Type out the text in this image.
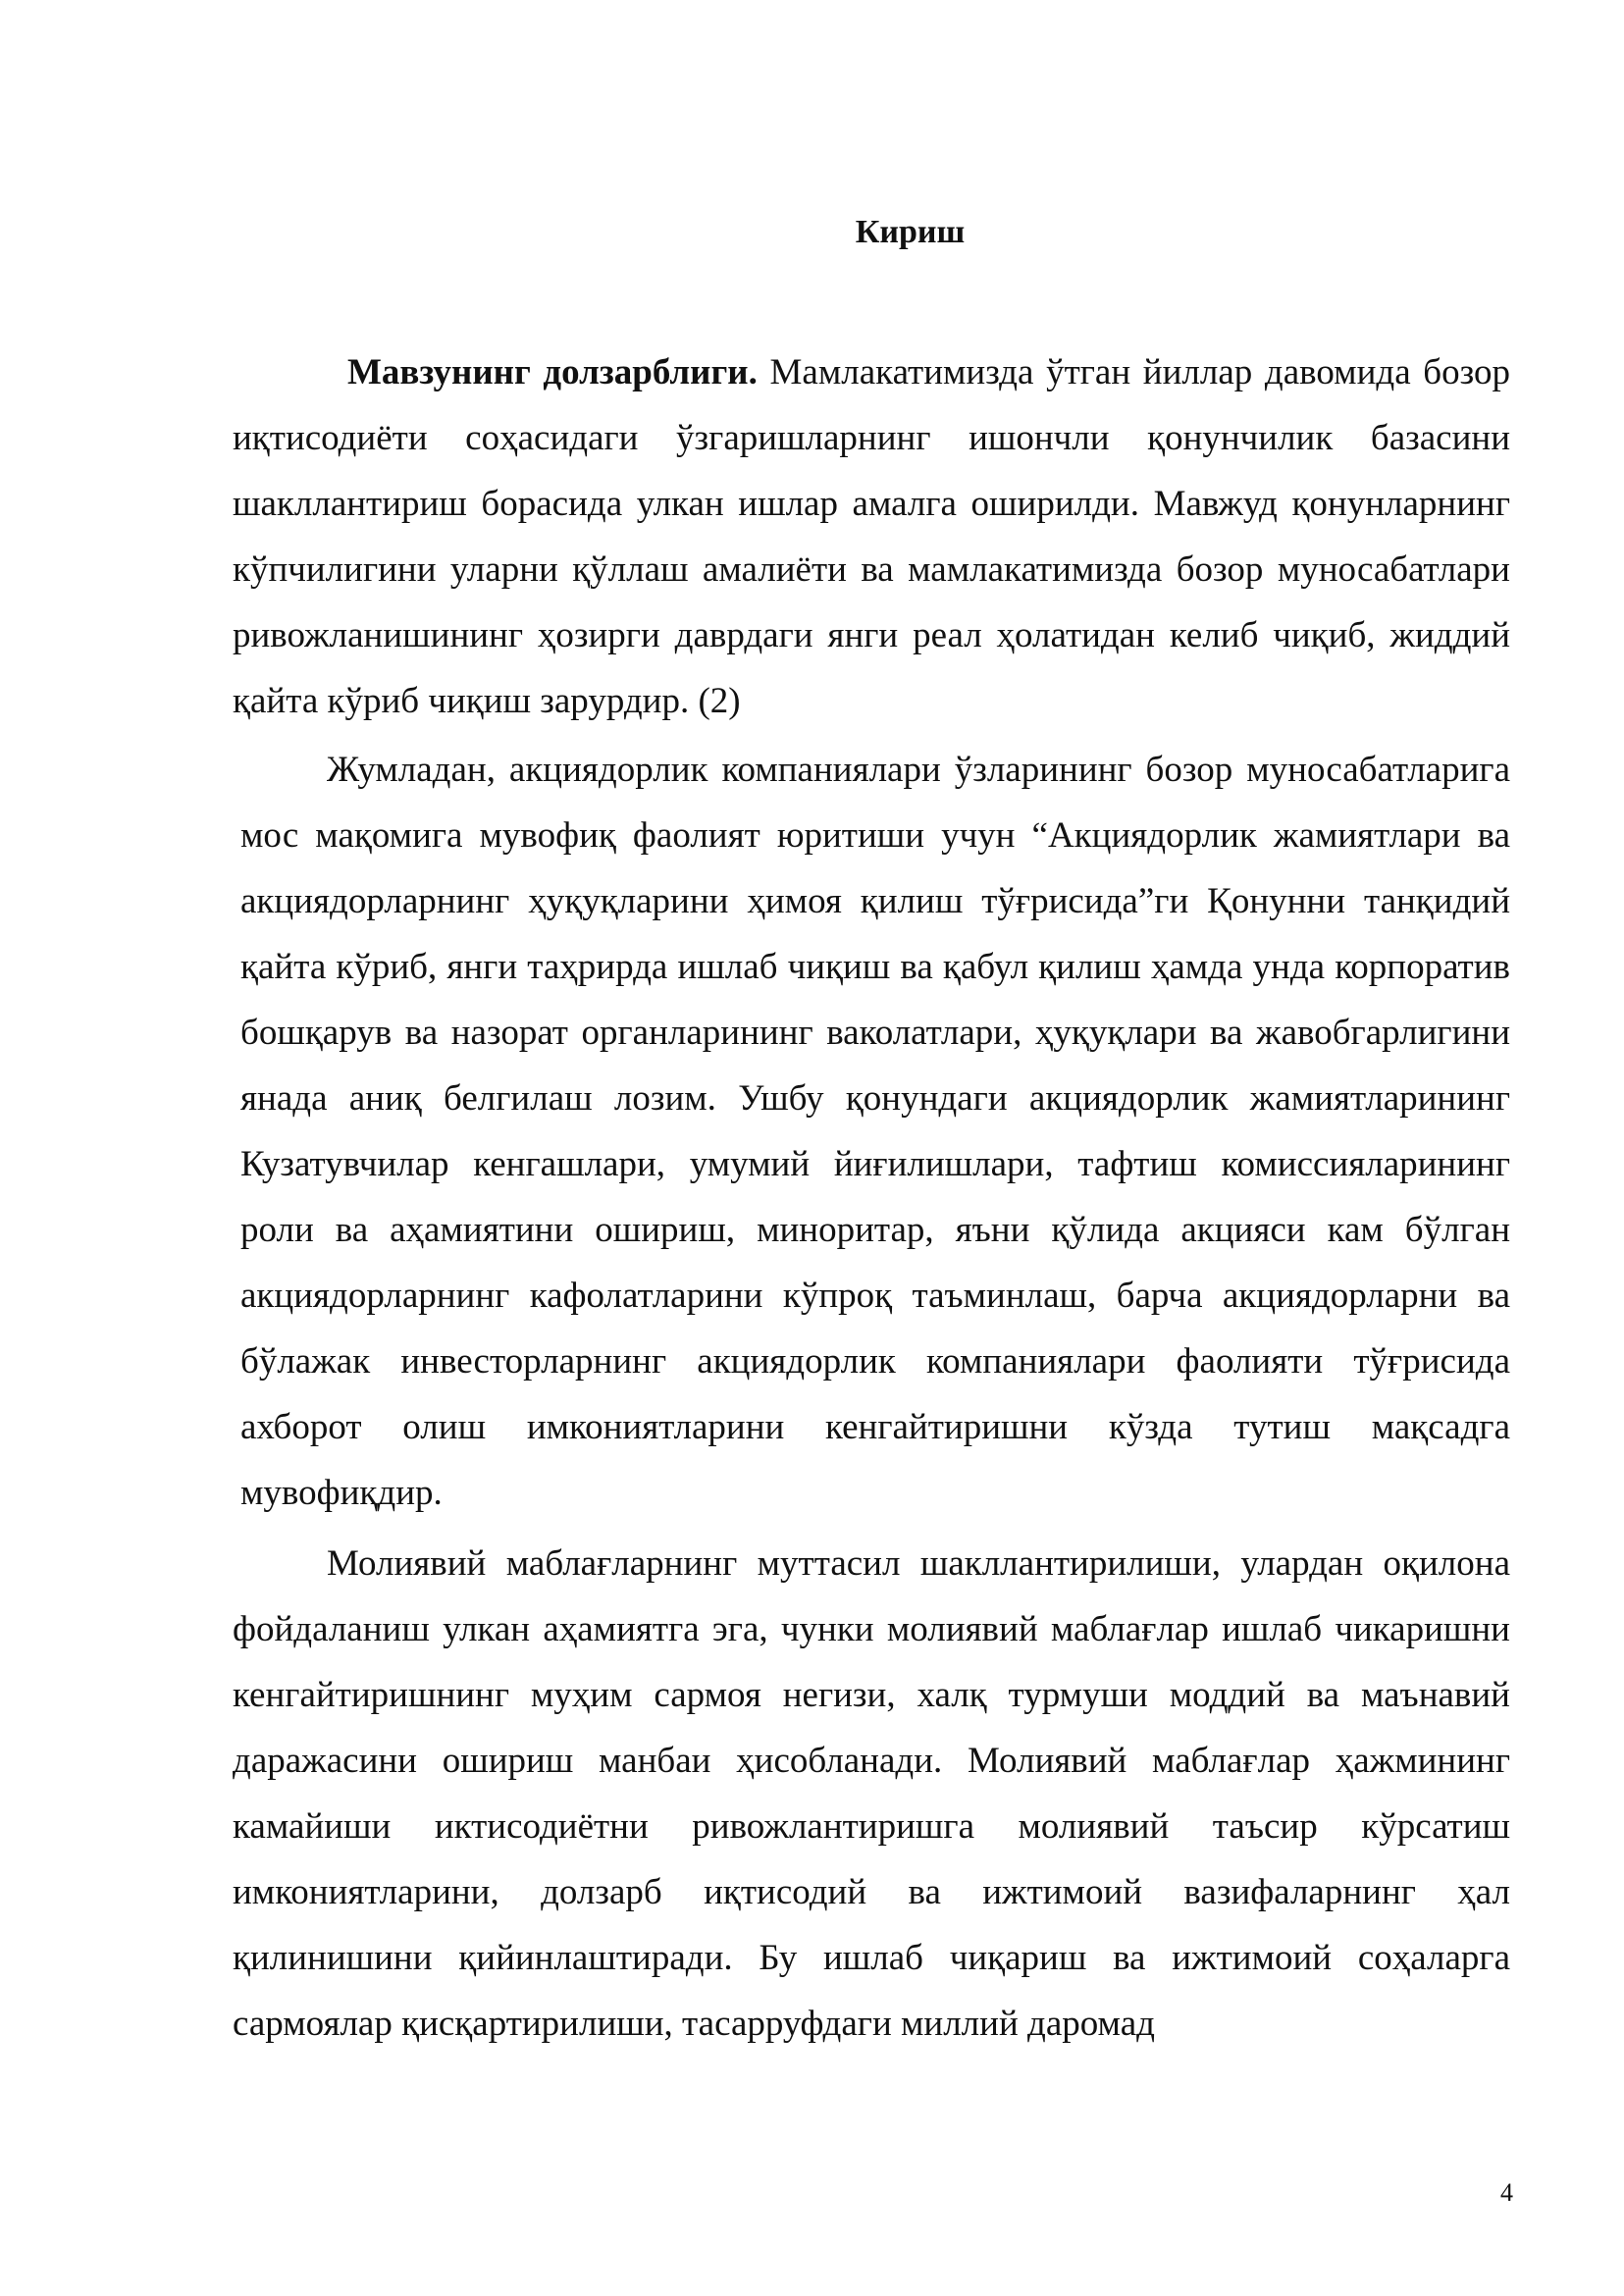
Кириш

Мавзунинг долзарблиги. Мамлакатимизда ўтган йиллар давомида бозор иқтисодиёти соҳасидаги ўзгаришларнинг ишончли қонунчилик базасини шакллантириш борасида улкан ишлар амалга оширилди. Мавжуд қонунларнинг кўпчилигини уларни қўллаш амалиёти ва мамлакатимизда бозор муносабатлари ривожланишининг ҳозирги даврдаги янги реал ҳолатидан келиб чиқиб, жиддий қайта кўриб чиқиш зарурдир. (2)

Жумладан, акциядорлик компаниялари ўзларининг бозор муносабатларига мос мақомига мувофиқ фаолият юритиши учун “Акциядорлик жамиятлари ва акциядорларнинг ҳуқуқларини ҳимоя қилиш тўғрисида”ги Қонунни танқидий қайта кўриб, янги таҳрирда ишлаб чиқиш ва қабул қилиш ҳамда унда корпоратив бошқарув ва назорат органларининг ваколатлари, ҳуқуқлари ва жавобгарлигини янада аниқ белгилаш лозим. Ушбу қонундаги акциядорлик жамиятларининг Кузатувчилар кенгашлари, умумий йиғилишлари, тафтиш комиссияларининг роли ва аҳамиятини ошириш, миноритар, яъни қўлида акцияси кам бўлган акциядорларнинг кафолатларини кўпроқ таъминлаш, барча акциядорларни ва бўлажак инвесторларнинг акциядорлик компаниялари фаолияти тўғрисида ахборот олиш имкониятларини кенгайтиришни кўзда тутиш мақсадга мувофиқдир.

Молиявий маблағларнинг муттасил шакллантирилиши, улардан оқилона фойдаланиш улкан аҳамиятга эга, чунки молиявий маблағлар ишлаб чикаришни кенгайтиришнинг муҳим сармоя негизи, халқ турмуши моддий ва маънавий даражасини ошириш манбаи ҳисобланади. Молиявий маблағлар ҳажмининг камайиши иктисодиётни ривожлантиришга молиявий таъсир кўрсатиш имкониятларини, долзарб иқтисодий ва ижтимоий вазифаларнинг ҳал қилинишини қийинлаштиради. Бу ишлаб чиқариш ва ижтимоий соҳаларга сармоялар қисқартирилиши, тасарруфдаги миллий даромад

4
